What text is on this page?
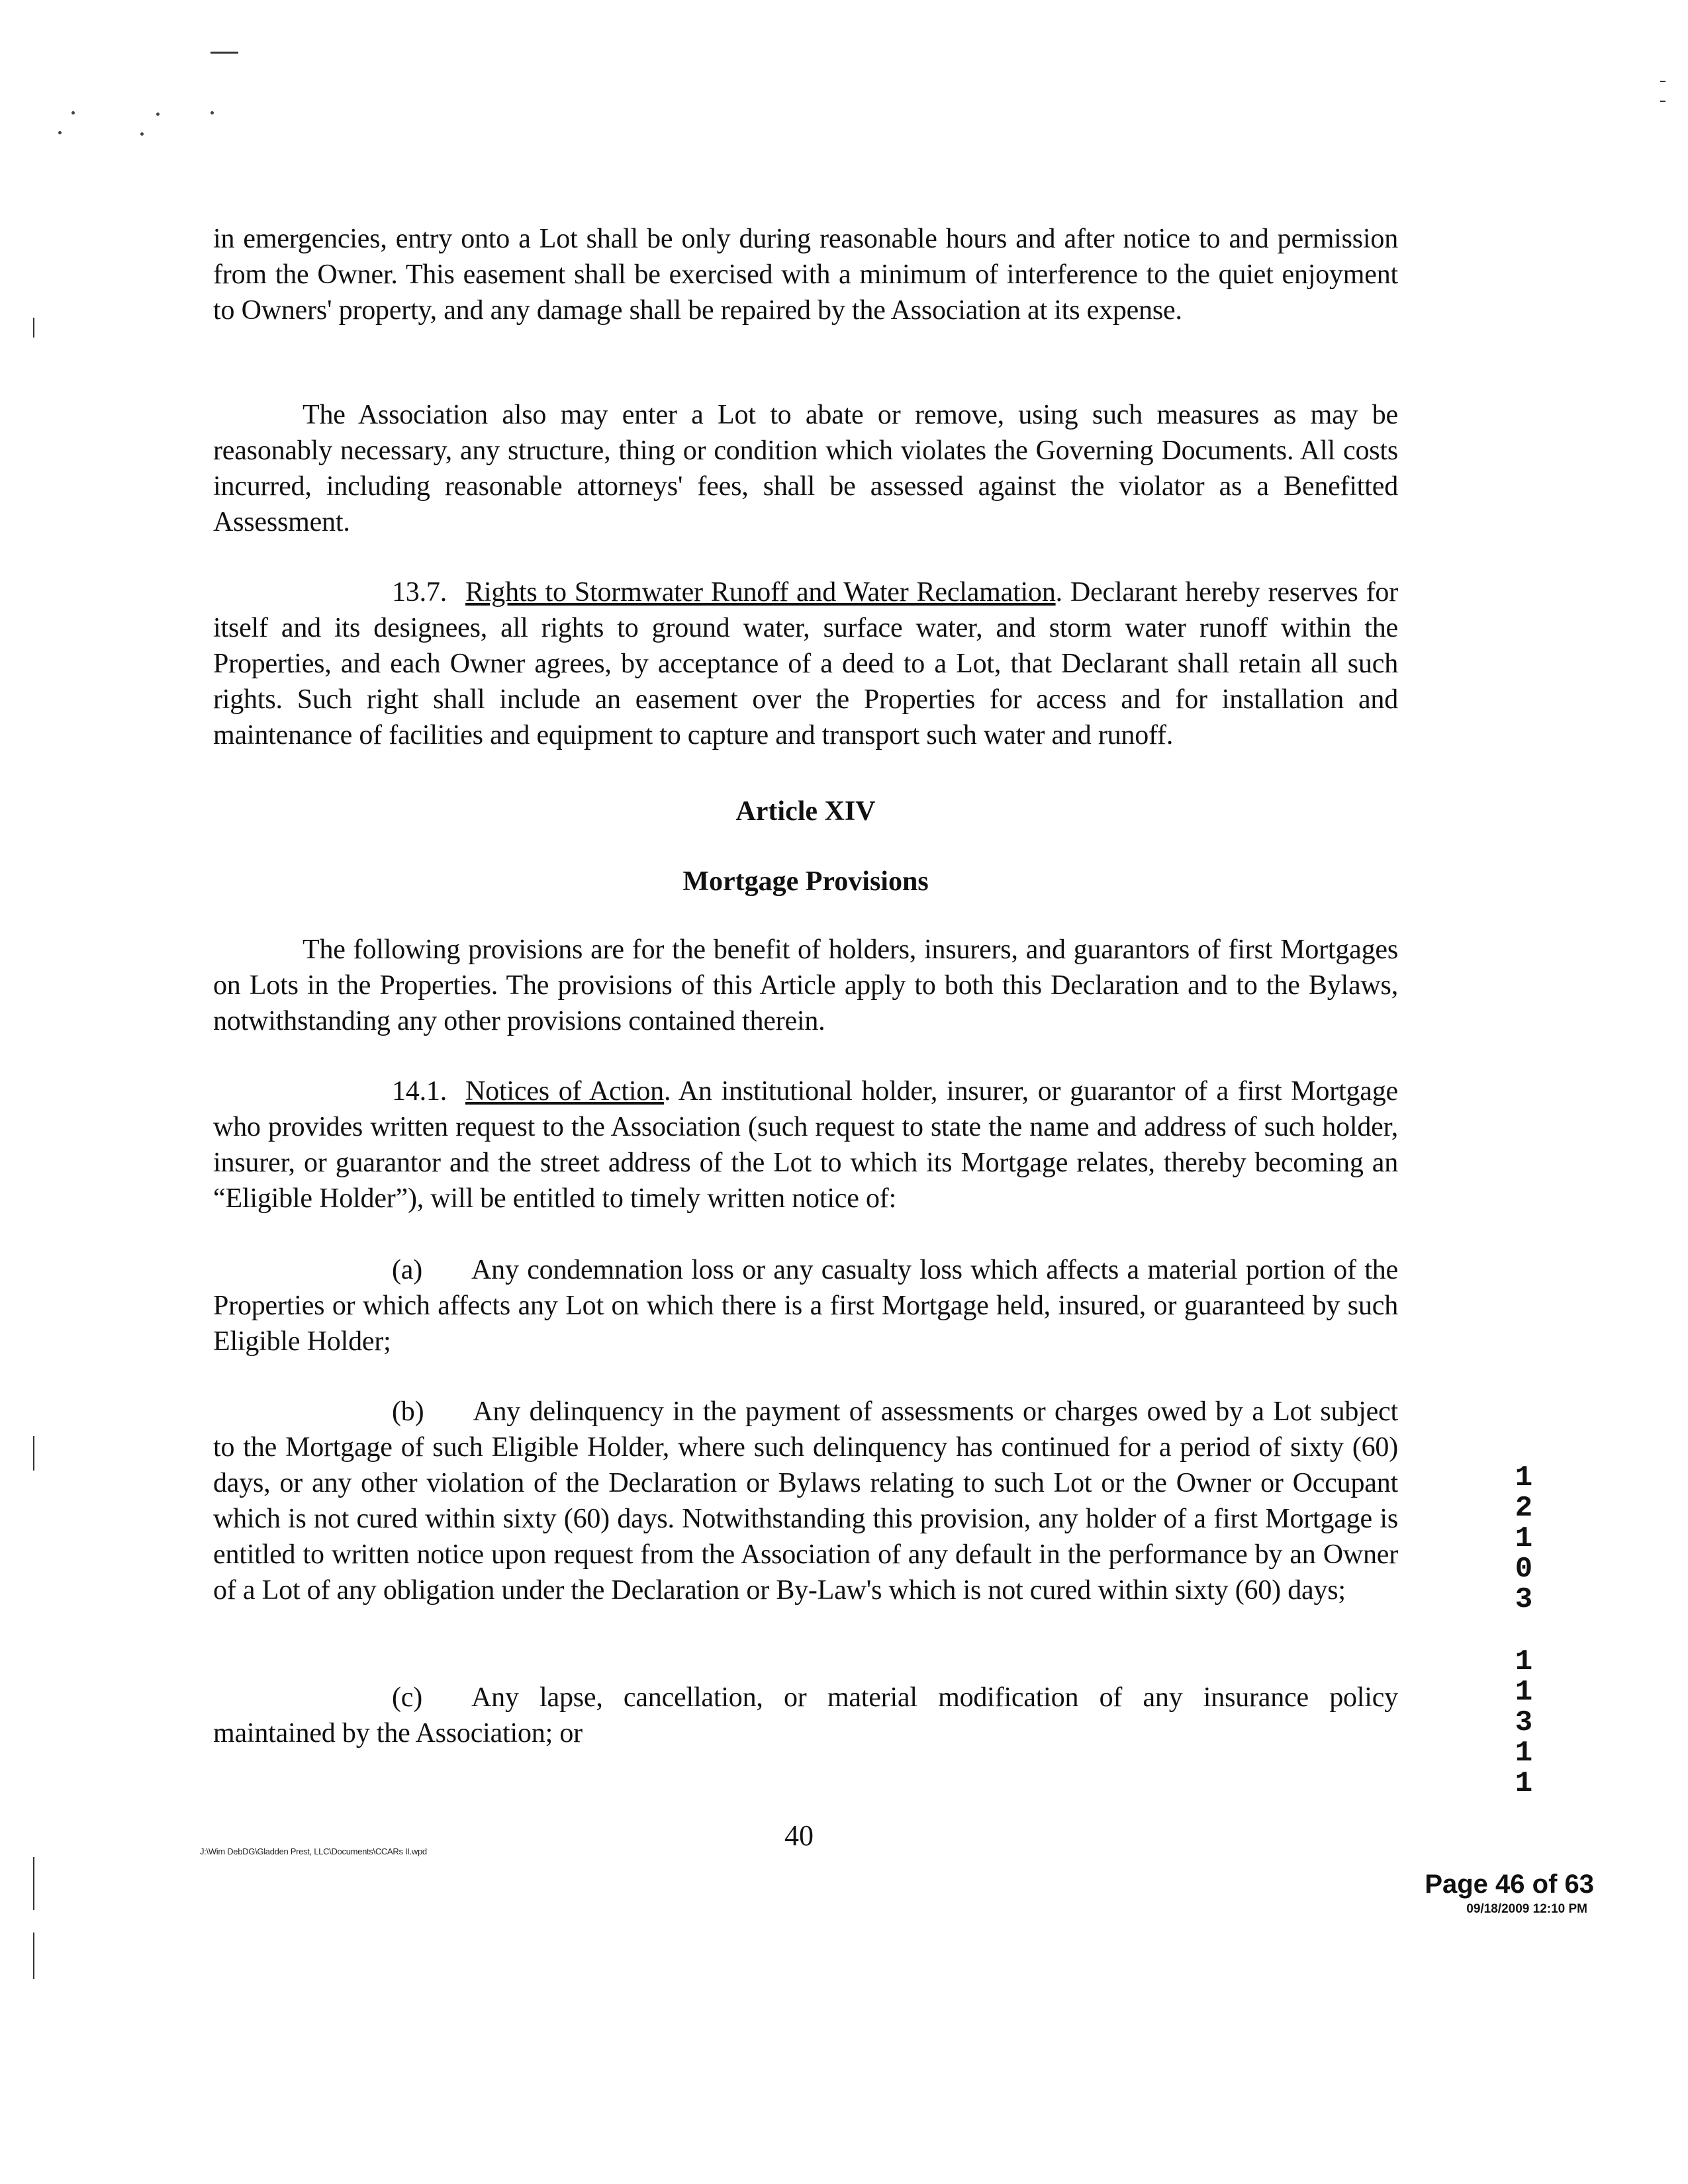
in emergencies, entry onto a Lot shall be only during reasonable hours and after notice to and permission from the Owner. This easement shall be exercised with a minimum of interference to the quiet enjoyment to Owners' property, and any damage shall be repaired by the Association at its expense.

The Association also may enter a Lot to abate or remove, using such measures as may be reasonably necessary, any structure, thing or condition which violates the Governing Documents. All costs incurred, including reasonable attorneys' fees, shall be assessed against the violator as a Benefitted Assessment.

13.7. Rights to Stormwater Runoff and Water Reclamation. Declarant hereby reserves for itself and its designees, all rights to ground water, surface water, and storm water runoff within the Properties, and each Owner agrees, by acceptance of a deed to a Lot, that Declarant shall retain all such rights. Such right shall include an easement over the Properties for access and for installation and maintenance of facilities and equipment to capture and transport such water and runoff.

Article XIV
Mortgage Provisions

The following provisions are for the benefit of holders, insurers, and guarantors of first Mortgages on Lots in the Properties. The provisions of this Article apply to both this Declaration and to the Bylaws, notwithstanding any other provisions contained therein.

14.1. Notices of Action. An institutional holder, insurer, or guarantor of a first Mortgage who provides written request to the Association (such request to state the name and address of such holder, insurer, or guarantor and the street address of the Lot to which its Mortgage relates, thereby becoming an “Eligible Holder”), will be entitled to timely written notice of:

(a) Any condemnation loss or any casualty loss which affects a material portion of the Properties or which affects any Lot on which there is a first Mortgage held, insured, or guaranteed by such Eligible Holder;

(b) Any delinquency in the payment of assessments or charges owed by a Lot subject to the Mortgage of such Eligible Holder, where such delinquency has continued for a period of sixty (60) days, or any other violation of the Declaration or Bylaws relating to such Lot or the Owner or Occupant which is not cured within sixty (60) days. Notwithstanding this provision, any holder of a first Mortgage is entitled to written notice upon request from the Association of any default in the performance by an Owner of a Lot of any obligation under the Declaration or By-Law's which is not cured within sixty (60) days;

(c) Any lapse, cancellation, or material modification of any insurance policy maintained by the Association; or

1
2
1
0
3
1
1
3
1
1
J:\Wim DebDG\Gladden Prest, LLC\Documents\CCARs II.wpd	40
Page 46 of 63
09/18/2009 12:10 PM
